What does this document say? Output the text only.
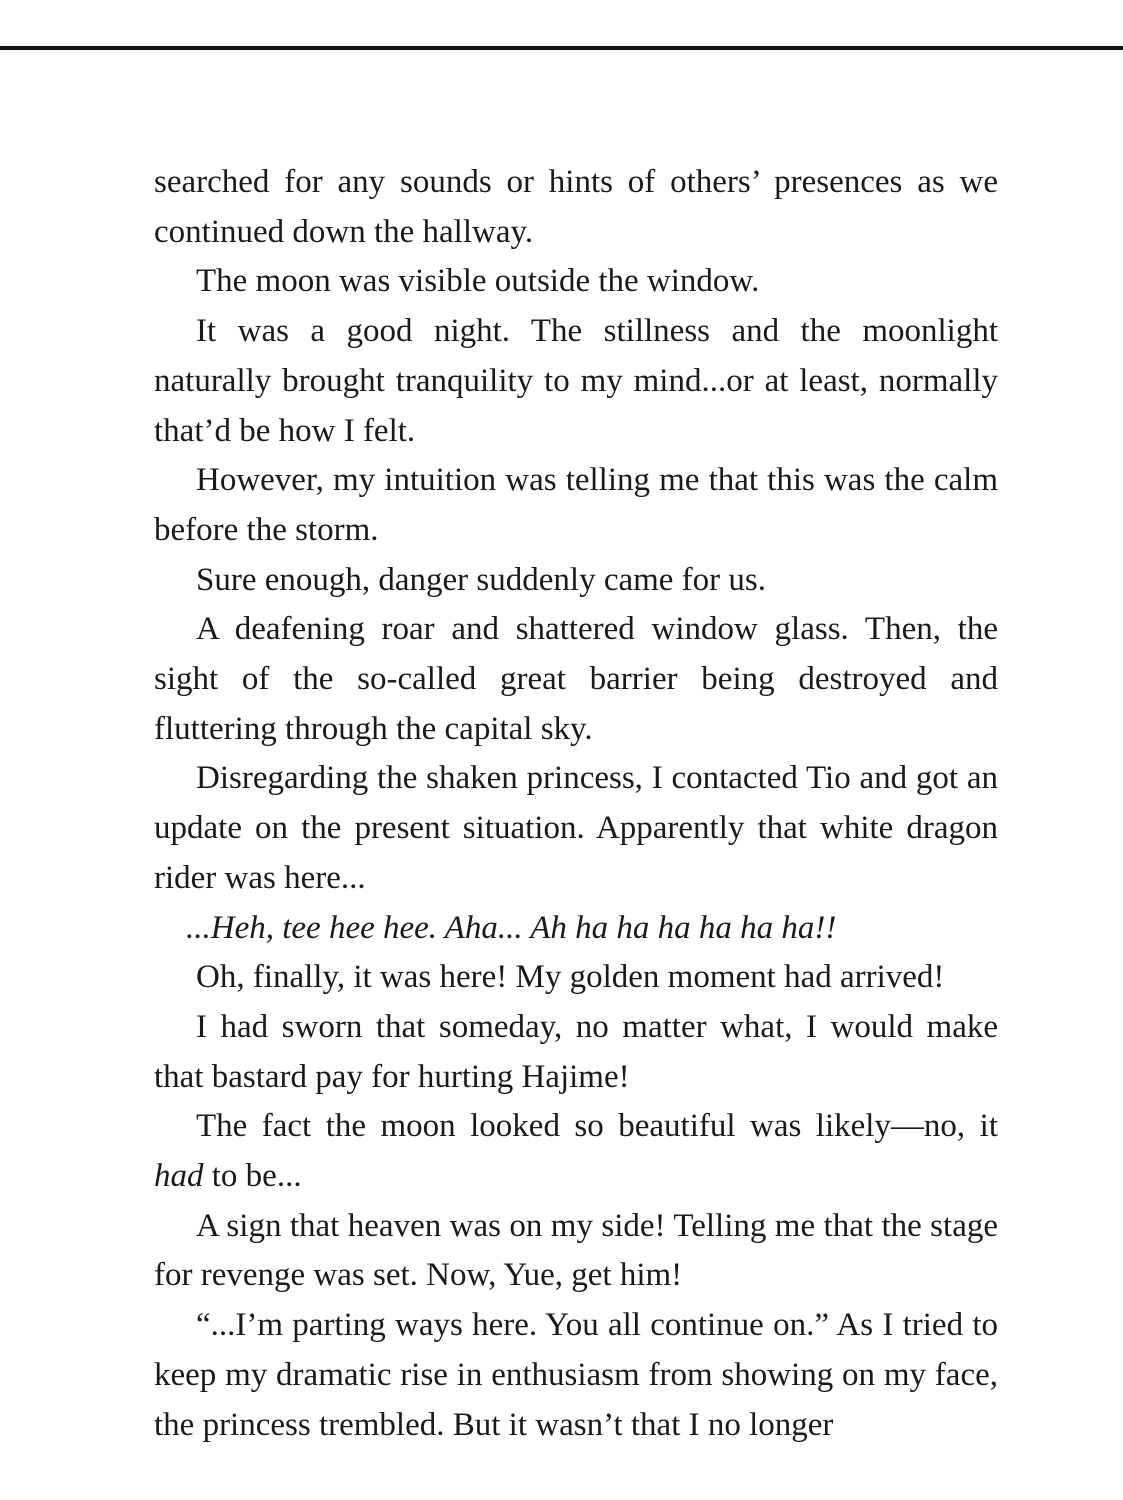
searched for any sounds or hints of others’ presences as we continued down the hallway.

The moon was visible outside the window.

It was a good night. The stillness and the moonlight naturally brought tranquility to my mind...or at least, normally that’d be how I felt.

However, my intuition was telling me that this was the calm before the storm.

Sure enough, danger suddenly came for us.

A deafening roar and shattered window glass. Then, the sight of the so-called great barrier being destroyed and fluttering through the capital sky.

Disregarding the shaken princess, I contacted Tio and got an update on the present situation. Apparently that white dragon rider was here...

...Heh, tee hee hee. Aha... Ah ha ha ha ha ha ha!!

Oh, finally, it was here! My golden moment had arrived!

I had sworn that someday, no matter what, I would make that bastard pay for hurting Hajime!

The fact the moon looked so beautiful was likely—no, it had to be...

A sign that heaven was on my side! Telling me that the stage for revenge was set. Now, Yue, get him!

“...I’m parting ways here. You all continue on.” As I tried to keep my dramatic rise in enthusiasm from showing on my face, the princess trembled. But it wasn’t that I no longer
